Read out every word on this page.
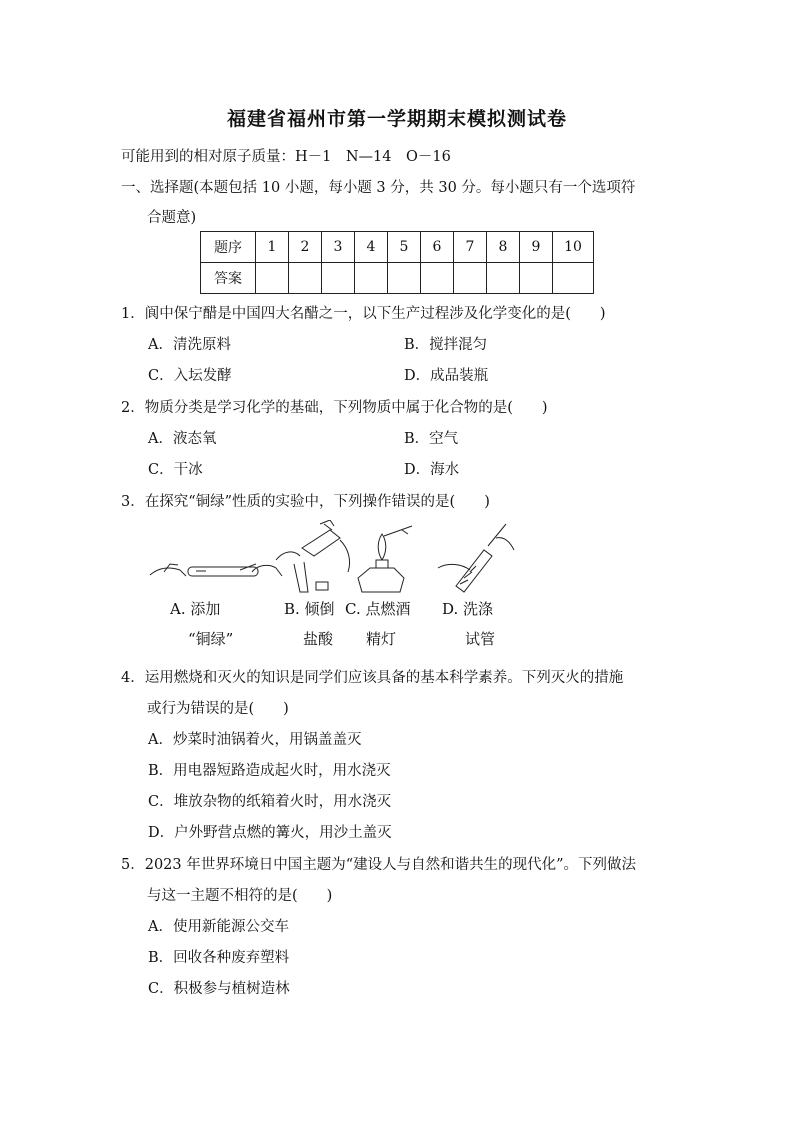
福建省福州市第一学期期末模拟测试卷
可能用到的相对原子质量：H－1　N—14　O－16
一、选择题(本题包括 10 小题，每小题 3 分，共 30 分。每小题只有一个选项符
合题意)
题序	1	2	3	4	5	6	7	8	9	10
答案										
1．阆中保宁醋是中国四大名醋之一，以下生产过程涉及化学变化的是(　　)
A．清洗原料	B．搅拌混匀
C．入坛发酵	D．成品装瓶
2．物质分类是学习化学的基础，下列物质中属于化合物的是(　　)
A．液态氧	B．空气
C．干冰	D．海水
3．在探究“铜绿”性质的实验中，下列操作错误的是(　　)
A. 添加
“铜绿”
B. 倾倒
盐酸
C. 点燃酒
精灯
D. 洗涤
试管
4．运用燃烧和灭火的知识是同学们应该具备的基本科学素养。下列灭火的措施
或行为错误的是(　　)
A．炒菜时油锅着火，用锅盖盖灭
B．用电器短路造成起火时，用水浇灭
C．堆放杂物的纸箱着火时，用水浇灭
D．户外野营点燃的篝火，用沙土盖灭
5．2023 年世界环境日中国主题为“建设人与自然和谐共生的现代化”。下列做法
与这一主题不相符的是(　　)
A．使用新能源公交车
B．回收各种废弃塑料
C．积极参与植树造林
